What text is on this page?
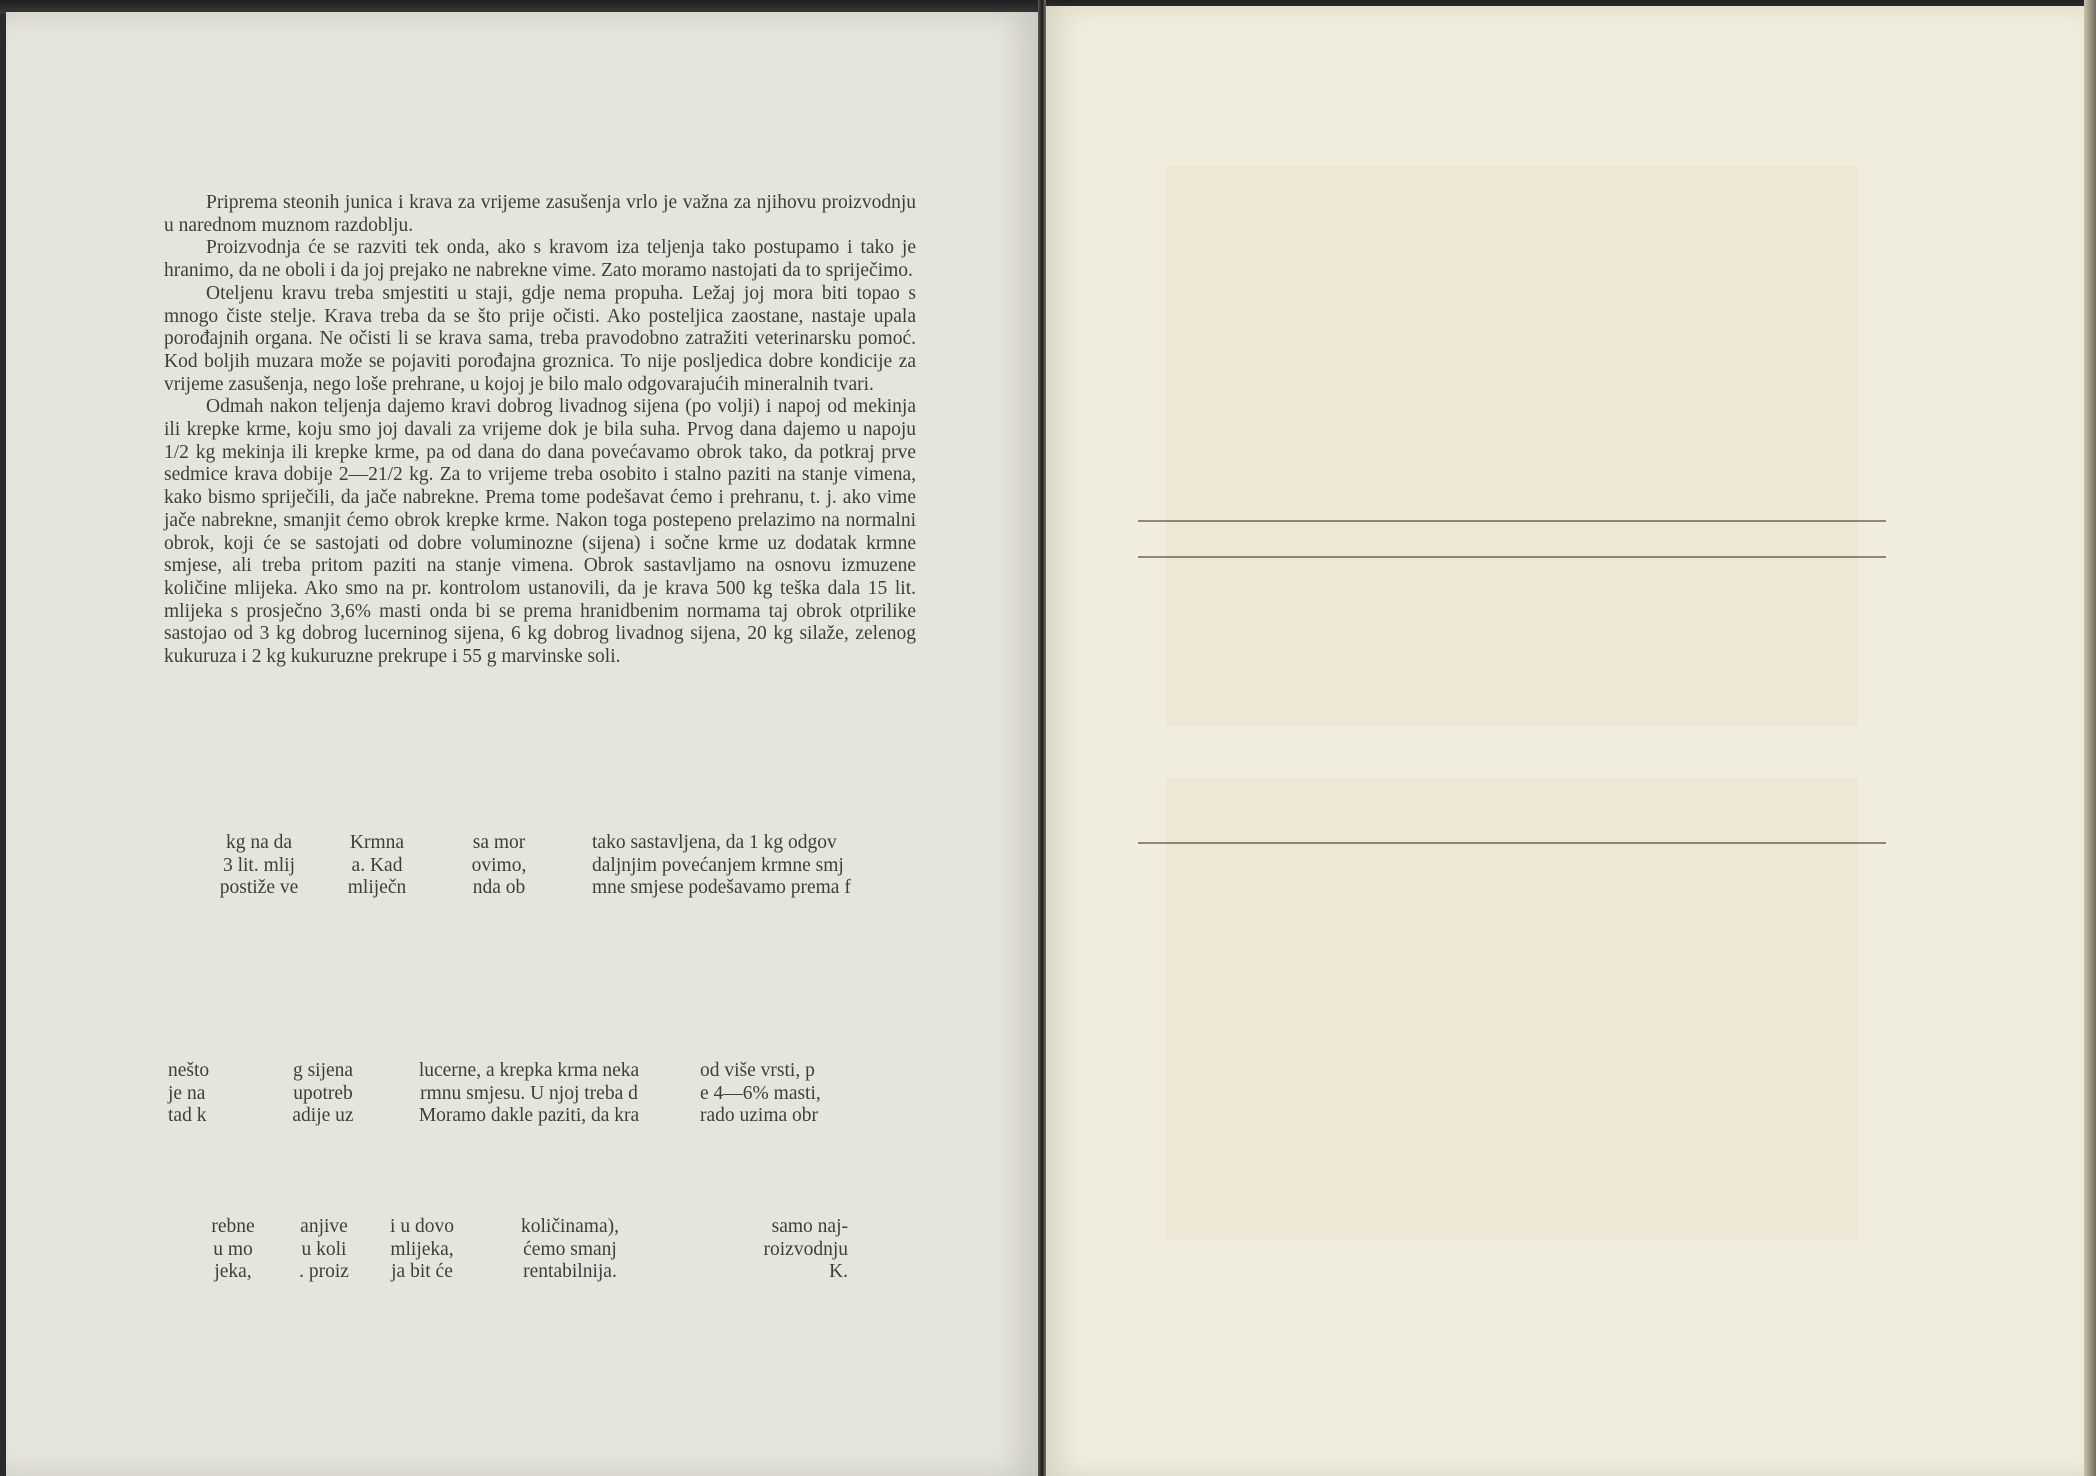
Priprema steonih junica i krava za vrijeme zasušenja vrlo je važna za njihovu proizvodnju u narednom muznom razdoblju.

Proizvodnja će se razviti tek onda, ako s kravom iza teljenja tako postupamo i tako je hranimo, da ne oboli i da joj prejako ne nabrekne vime. Zato moramo nastojati da to spriječimo.

Oteljenu kravu treba smjestiti u staji, gdje nema propuha. Ležaj joj mora biti topao s mnogo čiste stelje. Krava treba da se što prije očisti. Ako posteljica zaostane, nastaje upala porođajnih organa. Ne očisti li se krava sama, treba pravodobno zatražiti veterinarsku pomoć. Kod boljih muzara može se pojaviti porođajna groznica. To nije posljedica dobre kondicije za vrijeme zasušenja, nego loše prehrane, u kojoj je bilo malo odgovarajućih mineralnih tvari.

Odmah nakon teljenja dajemo kravi dobrog livadnog sijena (po volji) i napoj od mekinja ili krepke krme, koju smo joj davali za vrijeme dok je bila suha. Prvog dana dajemo u napoju 1/2 kg mekinja ili krepke krme, pa od dana do dana povećavamo obrok tako, da potkraj prve sedmice krava dobije 2—21/2 kg. Za to vrijeme treba osobito i stalno paziti na stanje vimena, kako bismo spriječili, da jače nabrekne. Prema tome podešavat ćemo i prehranu, t. j. ako vime jače nabrekne, smanjit ćemo obrok krepke krme. Nakon toga postepeno prelazimo na normalni obrok, koji će se sastojati od dobre voluminozne (sijena) i sočne krme uz dodatak krmne smjese, ali treba pritom paziti na stanje vimena. Obrok sastavljamo na osnovu izmuzene količine mlijeka. Ako smo na pr. kontrolom ustanovili, da je krava 500 kg teška dala 15 lit. mlijeka s prosječno 3,6% masti onda bi se prema hranidbenim normama taj obrok otprilike sastojao od 3 kg dobrog lucerninog sijena, 6 kg dobrog livadnog sijena, 20 kg silaže, zelenog kukuruza i 2 kg kukuruzne prekrupe i 55 g marvinske soli.

kg na da
3 lit. mlij
postiže ve
Krmna
a. Kad
mliječn
sa mor
ovimo,
nda ob
tako sastavljena, da 1 kg odgov
daljnjim povećanjem krmne smj
mne smjese podešavamo prema f
nešto
je na
tad k
g sijena
upotreb
adije uz
lucerne, a krepka krma neka
rmnu smjesu. U njoj treba d
Moramo dakle paziti, da kra
od više vrsti, p
e 4—6% masti,
rado uzima obr
rebne
u mo
jeka,
anjive
u koli
. proiz
i u dovo
mlijeka,
ja bit će
količinama),
ćemo smanj
rentabilnija.
samo naj-
roizvodnju
K.
